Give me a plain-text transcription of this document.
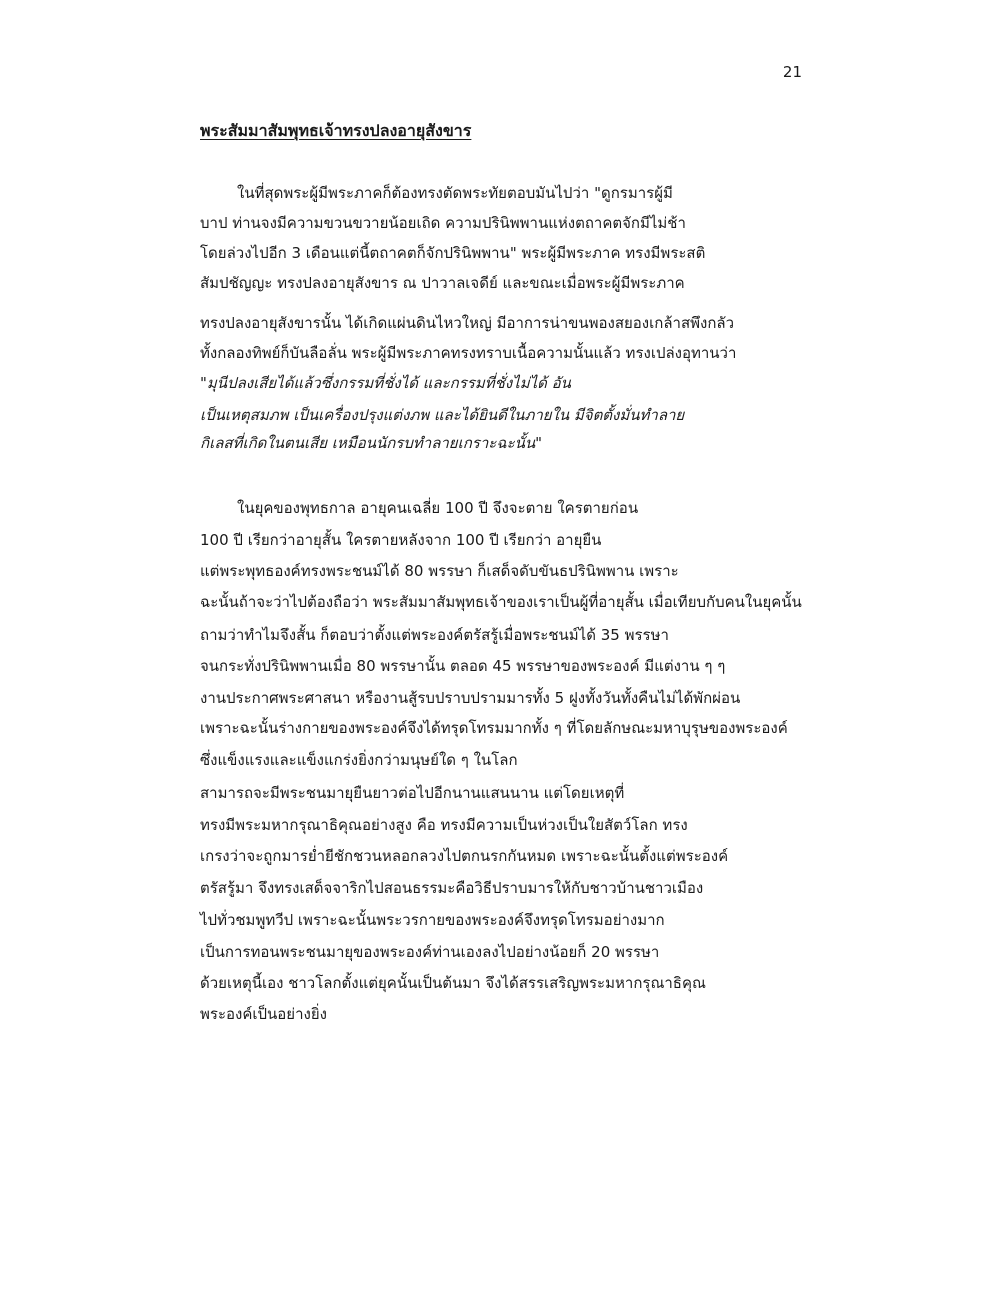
21
พระสัมมาสัมพุทธเจ้าทรงปลงอายุสังขาร
ในที่สุดพระผู้มีพระภาคก็ต้องทรงตัดพระทัยตอบมันไปว่า "ดูกรมารผู้มี
บาป ท่านจงมีความขวนขวายน้อยเถิด ความปรินิพพานแห่งตถาคตจักมีไม่ช้า
โดยล่วงไปอีก 3 เดือนแต่นี้ตถาคตก็จักปรินิพพาน" พระผู้มีพระภาค ทรงมีพระสติ
สัมปชัญญะ ทรงปลงอายุสังขาร ณ ปาวาลเจดีย์ และขณะเมื่อพระผู้มีพระภาค
ทรงปลงอายุสังขารนั้น ได้เกิดแผ่นดินไหวใหญ่ มีอาการน่าขนพองสยองเกล้าสพึงกลัว
ทั้งกลองทิพย์ก็บันลือลั่น พระผู้มีพระภาคทรงทราบเนื้อความนั้นแล้ว ทรงเปล่งอุทานว่า
"มุนีปลงเสียได้แล้วซึ่งกรรมที่ชั่งได้ และกรรมที่ชั่งไม่ได้ อัน
เป็นเหตุสมภพ เป็นเครื่องปรุงแต่งภพ และได้ยินดีในภายใน มีจิตตั้งมั่นทำลาย
กิเลสที่เกิดในตนเสีย เหมือนนักรบทำลายเกราะฉะนั้น"
ในยุคของพุทธกาล อายุคนเฉลี่ย 100 ปี จึงจะตาย ใครตายก่อน
100 ปี เรียกว่าอายุสั้น ใครตายหลังจาก 100 ปี เรียกว่า อายุยืน
แต่พระพุทธองค์ทรงพระชนม์ได้ 80 พรรษา ก็เสด็จดับขันธปรินิพพาน เพราะ
ฉะนั้นถ้าจะว่าไปต้องถือว่า พระสัมมาสัมพุทธเจ้าของเราเป็นผู้ที่อายุสั้น เมื่อเทียบกับคนในยุคนั้น
ถามว่าทำไมจึงสั้น ก็ตอบว่าตั้งแต่พระองค์ตรัสรู้เมื่อพระชนม์ได้ 35 พรรษา
จนกระทั่งปรินิพพานเมื่อ 80 พรรษานั้น ตลอด 45 พรรษาของพระองค์ มีแต่งาน ๆ ๆ
งานประกาศพระศาสนา หรืองานสู้รบปราบปรามมารทั้ง 5 ฝูงทั้งวันทั้งคืนไม่ได้พักผ่อน
เพราะฉะนั้นร่างกายของพระองค์จึงได้ทรุดโทรมมากทั้ง ๆ ที่โดยลักษณะมหาบุรุษของพระองค์
ซึ่งแข็งแรงและแข็งแกร่งยิ่งกว่ามนุษย์ใด ๆ ในโลก
สามารถจะมีพระชนมายุยืนยาวต่อไปอีกนานแสนนาน แต่โดยเหตุที่
ทรงมีพระมหากรุณาธิคุณอย่างสูง คือ ทรงมีความเป็นห่วงเป็นใยสัตว์โลก ทรง
เกรงว่าจะถูกมารย่ำยีชักชวนหลอกลวงไปตกนรกกันหมด เพราะฉะนั้นตั้งแต่พระองค์
ตรัสรู้มา จึงทรงเสด็จจาริกไปสอนธรรมะคือวิธีปราบมารให้กับชาวบ้านชาวเมือง
ไปทั่วชมพูทวีป เพราะฉะนั้นพระวรกายของพระองค์จึงทรุดโทรมอย่างมาก
เป็นการทอนพระชนมายุของพระองค์ท่านเองลงไปอย่างน้อยก็ 20 พรรษา
ด้วยเหตุนี้เอง ชาวโลกตั้งแต่ยุคนั้นเป็นต้นมา จึงได้สรรเสริญพระมหากรุณาธิคุณ
พระองค์เป็นอย่างยิ่ง
